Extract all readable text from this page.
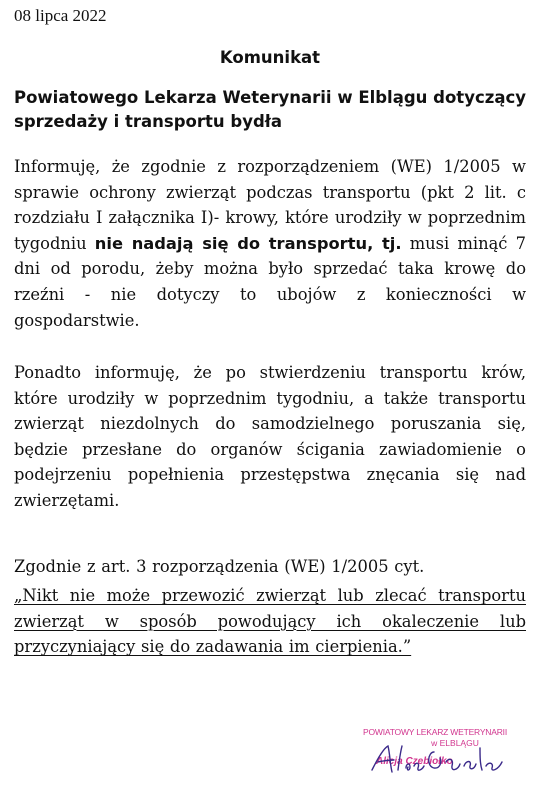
08 lipca 2022
Komunikat
Powiatowego Lekarza Weterynarii w Elblągu dotyczący sprzedaży i transportu bydła

Informuję, że zgodnie z rozporządzeniem (WE) 1/2005 w sprawie ochrony zwierząt podczas transportu (pkt 2 lit. c rozdziału I załącznika I)- krowy, które urodziły w poprzednim tygodniu nie nadają się do transportu, tj. musi minąć 7 dni od porodu, żeby można było sprzedać taka krowę do rzeźni - nie dotyczy to ubojów z konieczności w gospodarstwie.

Ponadto informuję, że po stwierdzeniu transportu krów, które urodziły w poprzednim tygodniu, a także transportu zwierząt niezdolnych do samodzielnego poruszania się, będzie przesłane do organów ścigania zawiadomienie o podejrzeniu popełnienia przestępstwa znęcania się nad zwierzętami.

Zgodnie z art. 3 rozporządzenia (WE) 1/2005 cyt.

„Nikt nie może przewozić zwierząt lub zlecać transportu zwierząt w sposób powodujący ich okaleczenie lub przyczyniający się do zadawania im cierpienia.”

POWIATOWY LEKARZ WETERYNARII
w ELBLĄGU
Alicja Czebiołko
